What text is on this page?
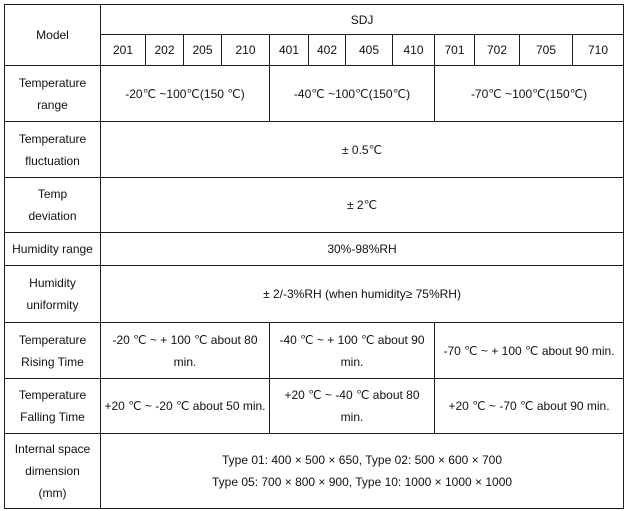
Model	SDJ											
	201	202	205	210	401	402	405	410	701	702	705	710

Temperature
range	-20℃ ~100℃(150 ℃)				-40℃ ~100℃(150℃)				-70℃ ~100℃(150℃)			

Temperature
fluctuation	± 0.5℃											

Temp
deviation	± 2℃											
Humidity range	30%-98%RH											

Humidity
uniformity	± 2/-3%RH (when humidity≥ 75%RH)											

Temperature
Rising Time	-20 ℃ ~ + 100 ℃ about 80 min.				-40 ℃ ~ + 100 ℃ about 90 min.				-70 ℃ ~ + 100 ℃ about 90 min.			

Temperature
Falling Time	+20 ℃ ~ -20 ℃ about 50 min.				+20 ℃ ~ -40 ℃ about 80 min.				+20 ℃ ~ -70 ℃ about 90 min.			

Internal space
dimension
(mm)	Type 01: 400 × 500 × 650, Type 02: 500 × 600 × 700
Type 05: 700 × 800 × 900, Type 10: 1000 × 1000 × 1000											
